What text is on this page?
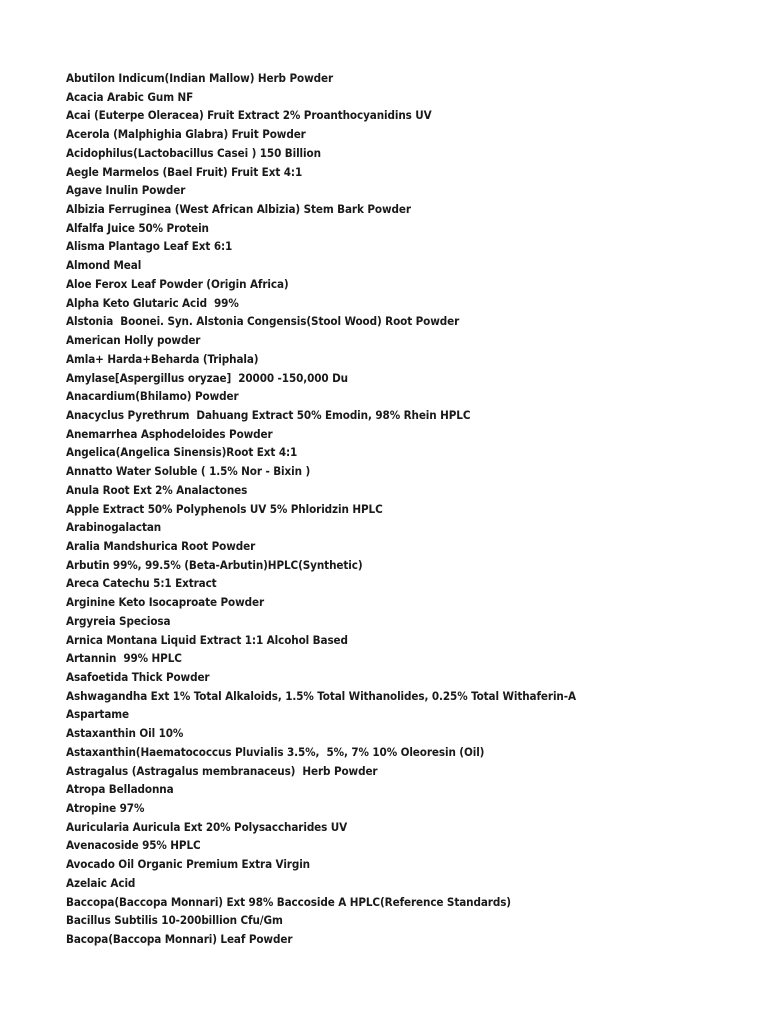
Abutilon Indicum(Indian Mallow) Herb Powder
Acacia Arabic Gum NF
Acai (Euterpe Oleracea) Fruit Extract 2% Proanthocyanidins UV
Acerola (Malphighia Glabra) Fruit Powder
Acidophilus(Lactobacillus Casei ) 150 Billion
Aegle Marmelos (Bael Fruit) Fruit Ext 4:1
Agave Inulin Powder
Albizia Ferruginea (West African Albizia) Stem Bark Powder
Alfalfa Juice 50% Protein
Alisma Plantago Leaf Ext 6:1
Almond Meal
Aloe Ferox Leaf Powder (Origin Africa)
Alpha Keto Glutaric Acid  99%
Alstonia  Boonei. Syn. Alstonia Congensis(Stool Wood) Root Powder
American Holly powder
Amla+ Harda+Beharda (Triphala)
Amylase[Aspergillus oryzae]  20000 -150,000 Du
Anacardium(Bhilamo) Powder
Anacyclus Pyrethrum  Dahuang Extract 50% Emodin, 98% Rhein HPLC
Anemarrhea Asphodeloides Powder
Angelica(Angelica Sinensis)Root Ext 4:1
Annatto Water Soluble ( 1.5% Nor - Bixin )
Anula Root Ext 2% Analactones
Apple Extract 50% Polyphenols UV 5% Phloridzin HPLC
Arabinogalactan
Aralia Mandshurica Root Powder
Arbutin 99%, 99.5% (Beta-Arbutin)HPLC(Synthetic)
Areca Catechu 5:1 Extract
Arginine Keto Isocaproate Powder
Argyreia Speciosa
Arnica Montana Liquid Extract 1:1 Alcohol Based
Artannin  99% HPLC
Asafoetida Thick Powder
Ashwagandha Ext 1% Total Alkaloids, 1.5% Total Withanolides, 0.25% Total Withaferin-A
Aspartame
Astaxanthin Oil 10%
Astaxanthin(Haematococcus Pluvialis 3.5%,  5%, 7% 10% Oleoresin (Oil)
Astragalus (Astragalus membranaceus)  Herb Powder
Atropa Belladonna
Atropine 97%
Auricularia Auricula Ext 20% Polysaccharides UV
Avenacoside 95% HPLC
Avocado Oil Organic Premium Extra Virgin
Azelaic Acid
Baccopa(Baccopa Monnari) Ext 98% Baccoside A HPLC(Reference Standards)
Bacillus Subtilis 10-200billion Cfu/Gm
Bacopa(Baccopa Monnari) Leaf Powder
